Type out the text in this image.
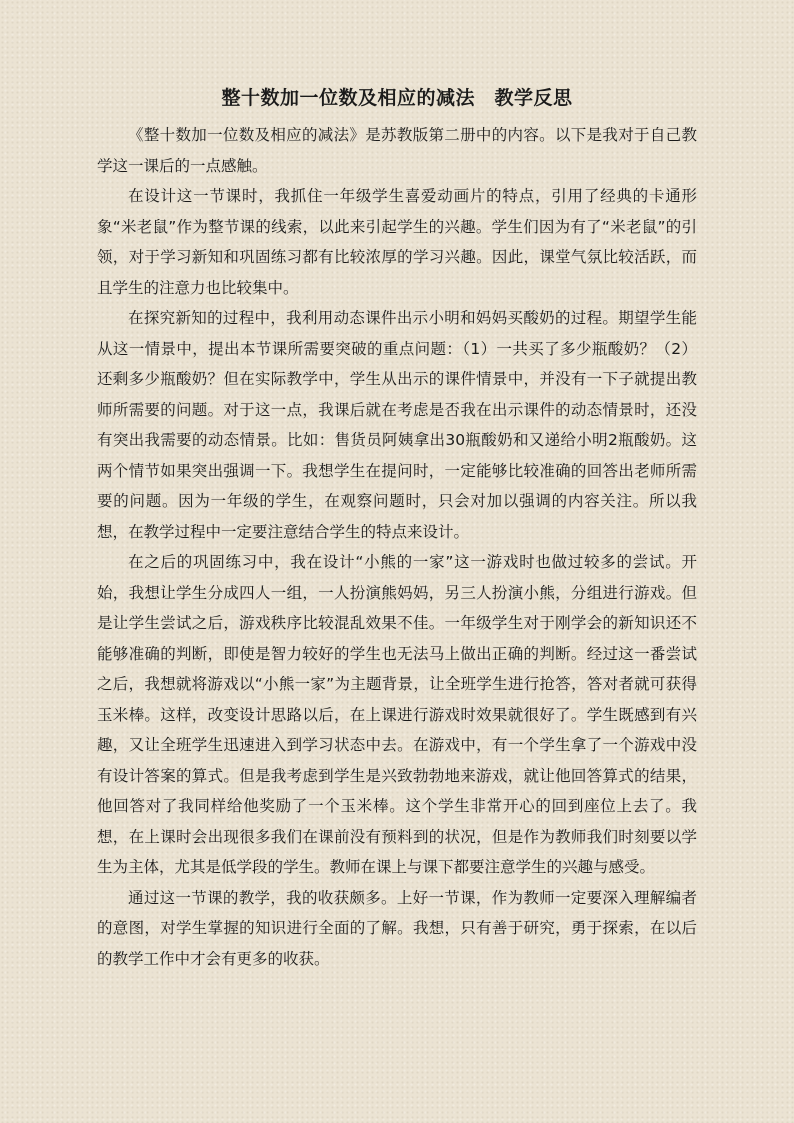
整十数加一位数及相应的减法　教学反思

《整十数加一位数及相应的减法》是苏教版第二册中的内容。以下是我对于自己教学这一课后的一点感触。

在设计这一节课时，我抓住一年级学生喜爱动画片的特点，引用了经典的卡通形象“米老鼠”作为整节课的线索，以此来引起学生的兴趣。学生们因为有了“米老鼠”的引领，对于学习新知和巩固练习都有比较浓厚的学习兴趣。因此，课堂气氛比较活跃，而且学生的注意力也比较集中。

在探究新知的过程中，我利用动态课件出示小明和妈妈买酸奶的过程。期望学生能从这一情景中，提出本节课所需要突破的重点问题：（1）一共买了多少瓶酸奶？（2）还剩多少瓶酸奶？但在实际教学中，学生从出示的课件情景中，并没有一下子就提出教师所需要的问题。对于这一点，我课后就在考虑是否我在出示课件的动态情景时，还没有突出我需要的动态情景。比如：售货员阿姨拿出30瓶酸奶和又递给小明2瓶酸奶。这两个情节如果突出强调一下。我想学生在提问时，一定能够比较准确的回答出老师所需要的问题。因为一年级的学生，在观察问题时，只会对加以强调的内容关注。所以我想，在教学过程中一定要注意结合学生的特点来设计。

在之后的巩固练习中，我在设计“小熊的一家”这一游戏时也做过较多的尝试。开始，我想让学生分成四人一组，一人扮演熊妈妈，另三人扮演小熊，分组进行游戏。但是让学生尝试之后，游戏秩序比较混乱效果不佳。一年级学生对于刚学会的新知识还不能够准确的判断，即使是智力较好的学生也无法马上做出正确的判断。经过这一番尝试之后，我想就将游戏以“小熊一家”为主题背景，让全班学生进行抢答，答对者就可获得玉米棒。这样，改变设计思路以后，在上课进行游戏时效果就很好了。学生既感到有兴趣，又让全班学生迅速进入到学习状态中去。在游戏中，有一个学生拿了一个游戏中没有设计答案的算式。但是我考虑到学生是兴致勃勃地来游戏，就让他回答算式的结果，他回答对了我同样给他奖励了一个玉米棒。这个学生非常开心的回到座位上去了。我想，在上课时会出现很多我们在课前没有预料到的状况，但是作为教师我们时刻要以学生为主体，尤其是低学段的学生。教师在课上与课下都要注意学生的兴趣与感受。

通过这一节课的教学，我的收获颇多。上好一节课，作为教师一定要深入理解编者的意图，对学生掌握的知识进行全面的了解。我想，只有善于研究，勇于探索，在以后的教学工作中才会有更多的收获。
